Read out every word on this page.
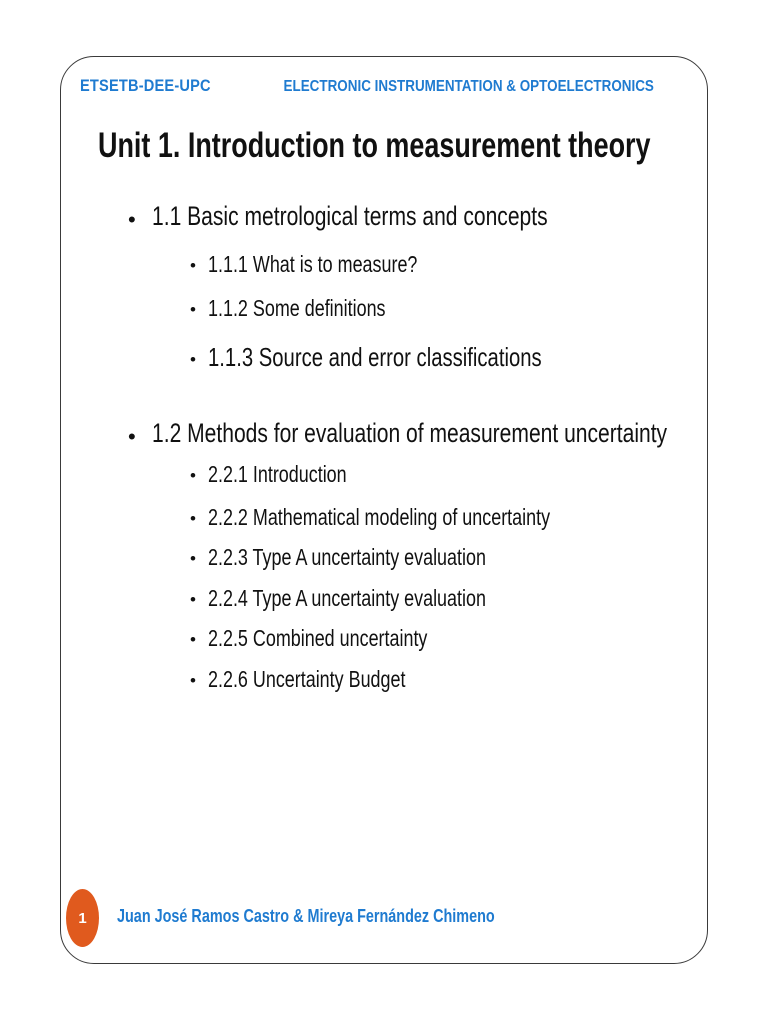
ETSETB-DEE-UPC	ELECTRONIC INSTRUMENTATION & OPTOELECTRONICS
Unit 1. Introduction to measurement theory
• 1.1 Basic metrological terms and concepts
• 1.1.1 What is to measure?
• 1.1.2 Some definitions
• 1.1.3 Source and error classifications
• 1.2 Methods for evaluation of measurement uncertainty
• 2.2.1 Introduction
• 2.2.2 Mathematical modeling of uncertainty
• 2.2.3 Type A uncertainty evaluation
• 2.2.4 Type A uncertainty evaluation
• 2.2.5 Combined uncertainty
• 2.2.6 Uncertainty Budget
1 Juan José Ramos Castro & Mireya Fernández Chimeno
